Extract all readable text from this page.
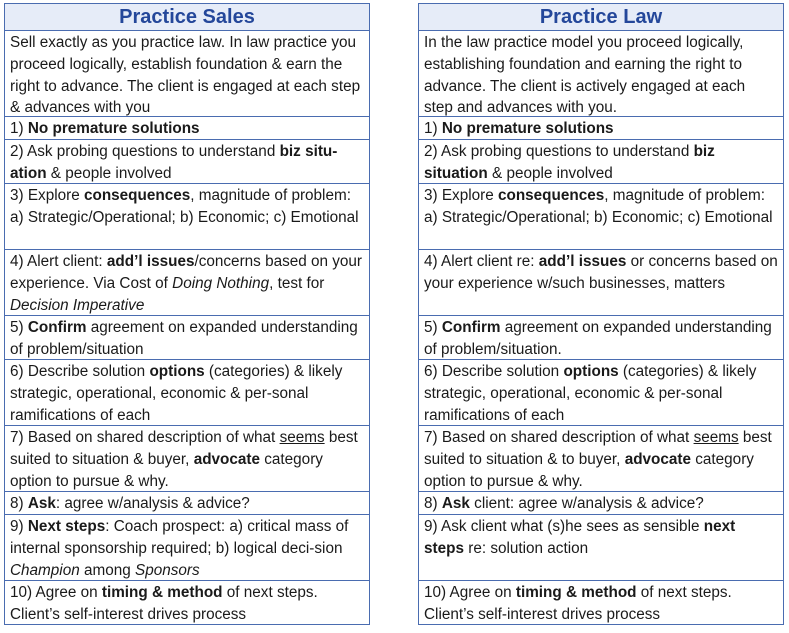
Practice Sales
Sell exactly as you practice law. In law practice you proceed logically, establish foundation & earn the right to advance. The client is engaged at each step & advances with you
1) No premature solutions
2) Ask probing questions to understand biz situ-ation & people involved
3) Explore consequences, magnitude of problem: a) Strategic/Operational; b) Economic; c) Emotional
4) Alert client: add’l issues/concerns based on your experience. Via Cost of Doing Nothing, test for Decision Imperative
5) Confirm agreement on expanded understanding of problem/situation
6) Describe solution options (categories) & likely strategic, operational, economic & per-sonal ramifications of each
7) Based on shared description of what seems best suited to situation & buyer, advocate category option to pursue & why.
8) Ask: agree w/analysis & advice?
9) Next steps: Coach prospect: a) critical mass of internal sponsorship required; b) logical deci-sion Champion among Sponsors
10) Agree on timing & method of next steps. Client’s self-interest drives process
Practice Law
In the law practice model you proceed logically, establishing foundation and earning the right to advance. The client is actively engaged at each step and advances with you.
1) No premature solutions
2) Ask probing questions to understand biz situation & people involved
3) Explore consequences, magnitude of problem: a) Strategic/Operational; b) Economic; c) Emotional
4) Alert client re: add’l issues or concerns based on your experience w/such businesses, matters
5) Confirm agreement on expanded understanding of problem/situation.
6) Describe solution options (categories) & likely strategic, operational, economic & per-sonal ramifications of each
7) Based on shared description of what seems best suited to situation & to buyer, advocate category option to pursue & why.
8) Ask client: agree w/analysis & advice?
9) Ask client what (s)he sees as sensible next steps re: solution action
10) Agree on timing & method of next steps. Client’s self-interest drives process
